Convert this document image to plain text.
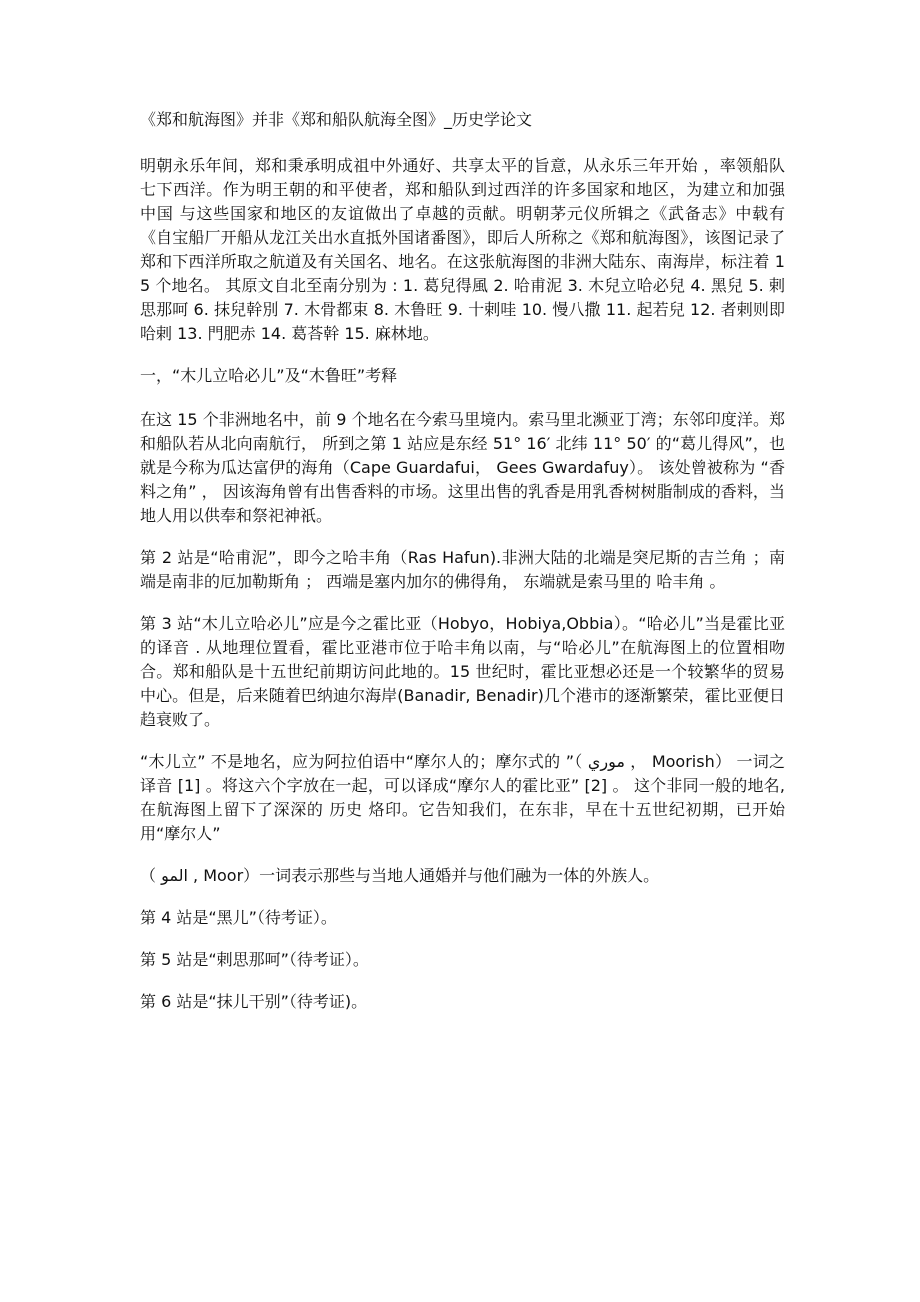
《郑和航海图》并非《郑和船队航海全图》_历史学论文

明朝永乐年间，郑和秉承明成祖中外通好、共享太平的旨意，从永乐三年开始 ，率领船队七下西洋。作为明王朝的和平使者，郑和船队到过西洋的许多国家和地区，为建立和加强 中国 与这些国家和地区的友谊做出了卓越的贡献。明朝茅元仪所辑之《武备志》中载有《自宝船厂开船从龙江关出水直抵外国诸番图》，即后人所称之《郑和航海图》，该图记录了郑和下西洋所取之航道及有关国名、地名。在这张航海图的非洲大陆东、南海岸，标注着 15 个地名。 其原文自北至南分别为 : 1. 葛兒得風 2. 哈甫泥 3. 木兒立哈必兒 4. 黑兒 5. 剌思那呵 6. 抹兒幹別 7. 木骨都束 8. 木鲁旺 9. 十剌哇 10. 慢八撒 11. 起若兒 12. 者剌则即哈剌 13. 門肥赤 14. 葛荅幹 15. 麻林地。

一，“木儿立哈必儿”及“木鲁旺”考释

在这 15 个非洲地名中，前 9 个地名在今索马里境内。索马里北濒亚丁湾；东邻印度洋。郑和船队若从北向南航行， 所到之第 1 站应是东经 51° 16′ 北纬 11° 50′ 的“葛儿得风”，也就是今称为瓜达富伊的海角（Cape Guardafui， Gees Gwardafuy）。 该处曾被称为 “香料之角” ， 因该海角曾有出售香料的市场。这里出售的乳香是用乳香树树脂制成的香料，当地人用以供奉和祭祀神祇。

第 2 站是“哈甫泥”，即今之哈丰角（Ras Hafun).非洲大陆的北端是突尼斯的吉兰角 ；南端是南非的厄加勒斯角 ； 西端是塞内加尔的佛得角， 东端就是索马里的 哈丰角 。

第 3 站“木儿立哈必儿”应是今之霍比亚（Hobyo，Hobiya,Obbia）。“哈必儿”当是霍比亚的译音 . 从地理位置看，霍比亚港市位于哈丰角以南，与“哈必儿”在航海图上的位置相吻合。郑和船队是十五世纪前期访问此地的。15 世纪时，霍比亚想必还是一个较繁华的贸易中心。但是，后来随着巴纳迪尔海岸(Banadir, Benadir)几个港市的逐渐繁荣，霍比亚便日趋衰败了。

“木儿立” 不是地名，应为阿拉伯语中“摩尔人的；摩尔式的 ”（ موري ， Moorish） 一词之译音 [1] 。将这六个字放在一起，可以译成“摩尔人的霍比亚” [2] 。 这个非同一般的地名,在航海图上留下了深深的 历史 烙印。它告知我们，在东非，早在十五世纪初期，已开始用“摩尔人”

（ المو , Moor）一词表示那些与当地人通婚并与他们融为一体的外族人。

第 4 站是“黑儿”（待考证）。

第 5 站是“剌思那呵”（待考证）。

第 6 站是“抹儿干别”（待考证)。
